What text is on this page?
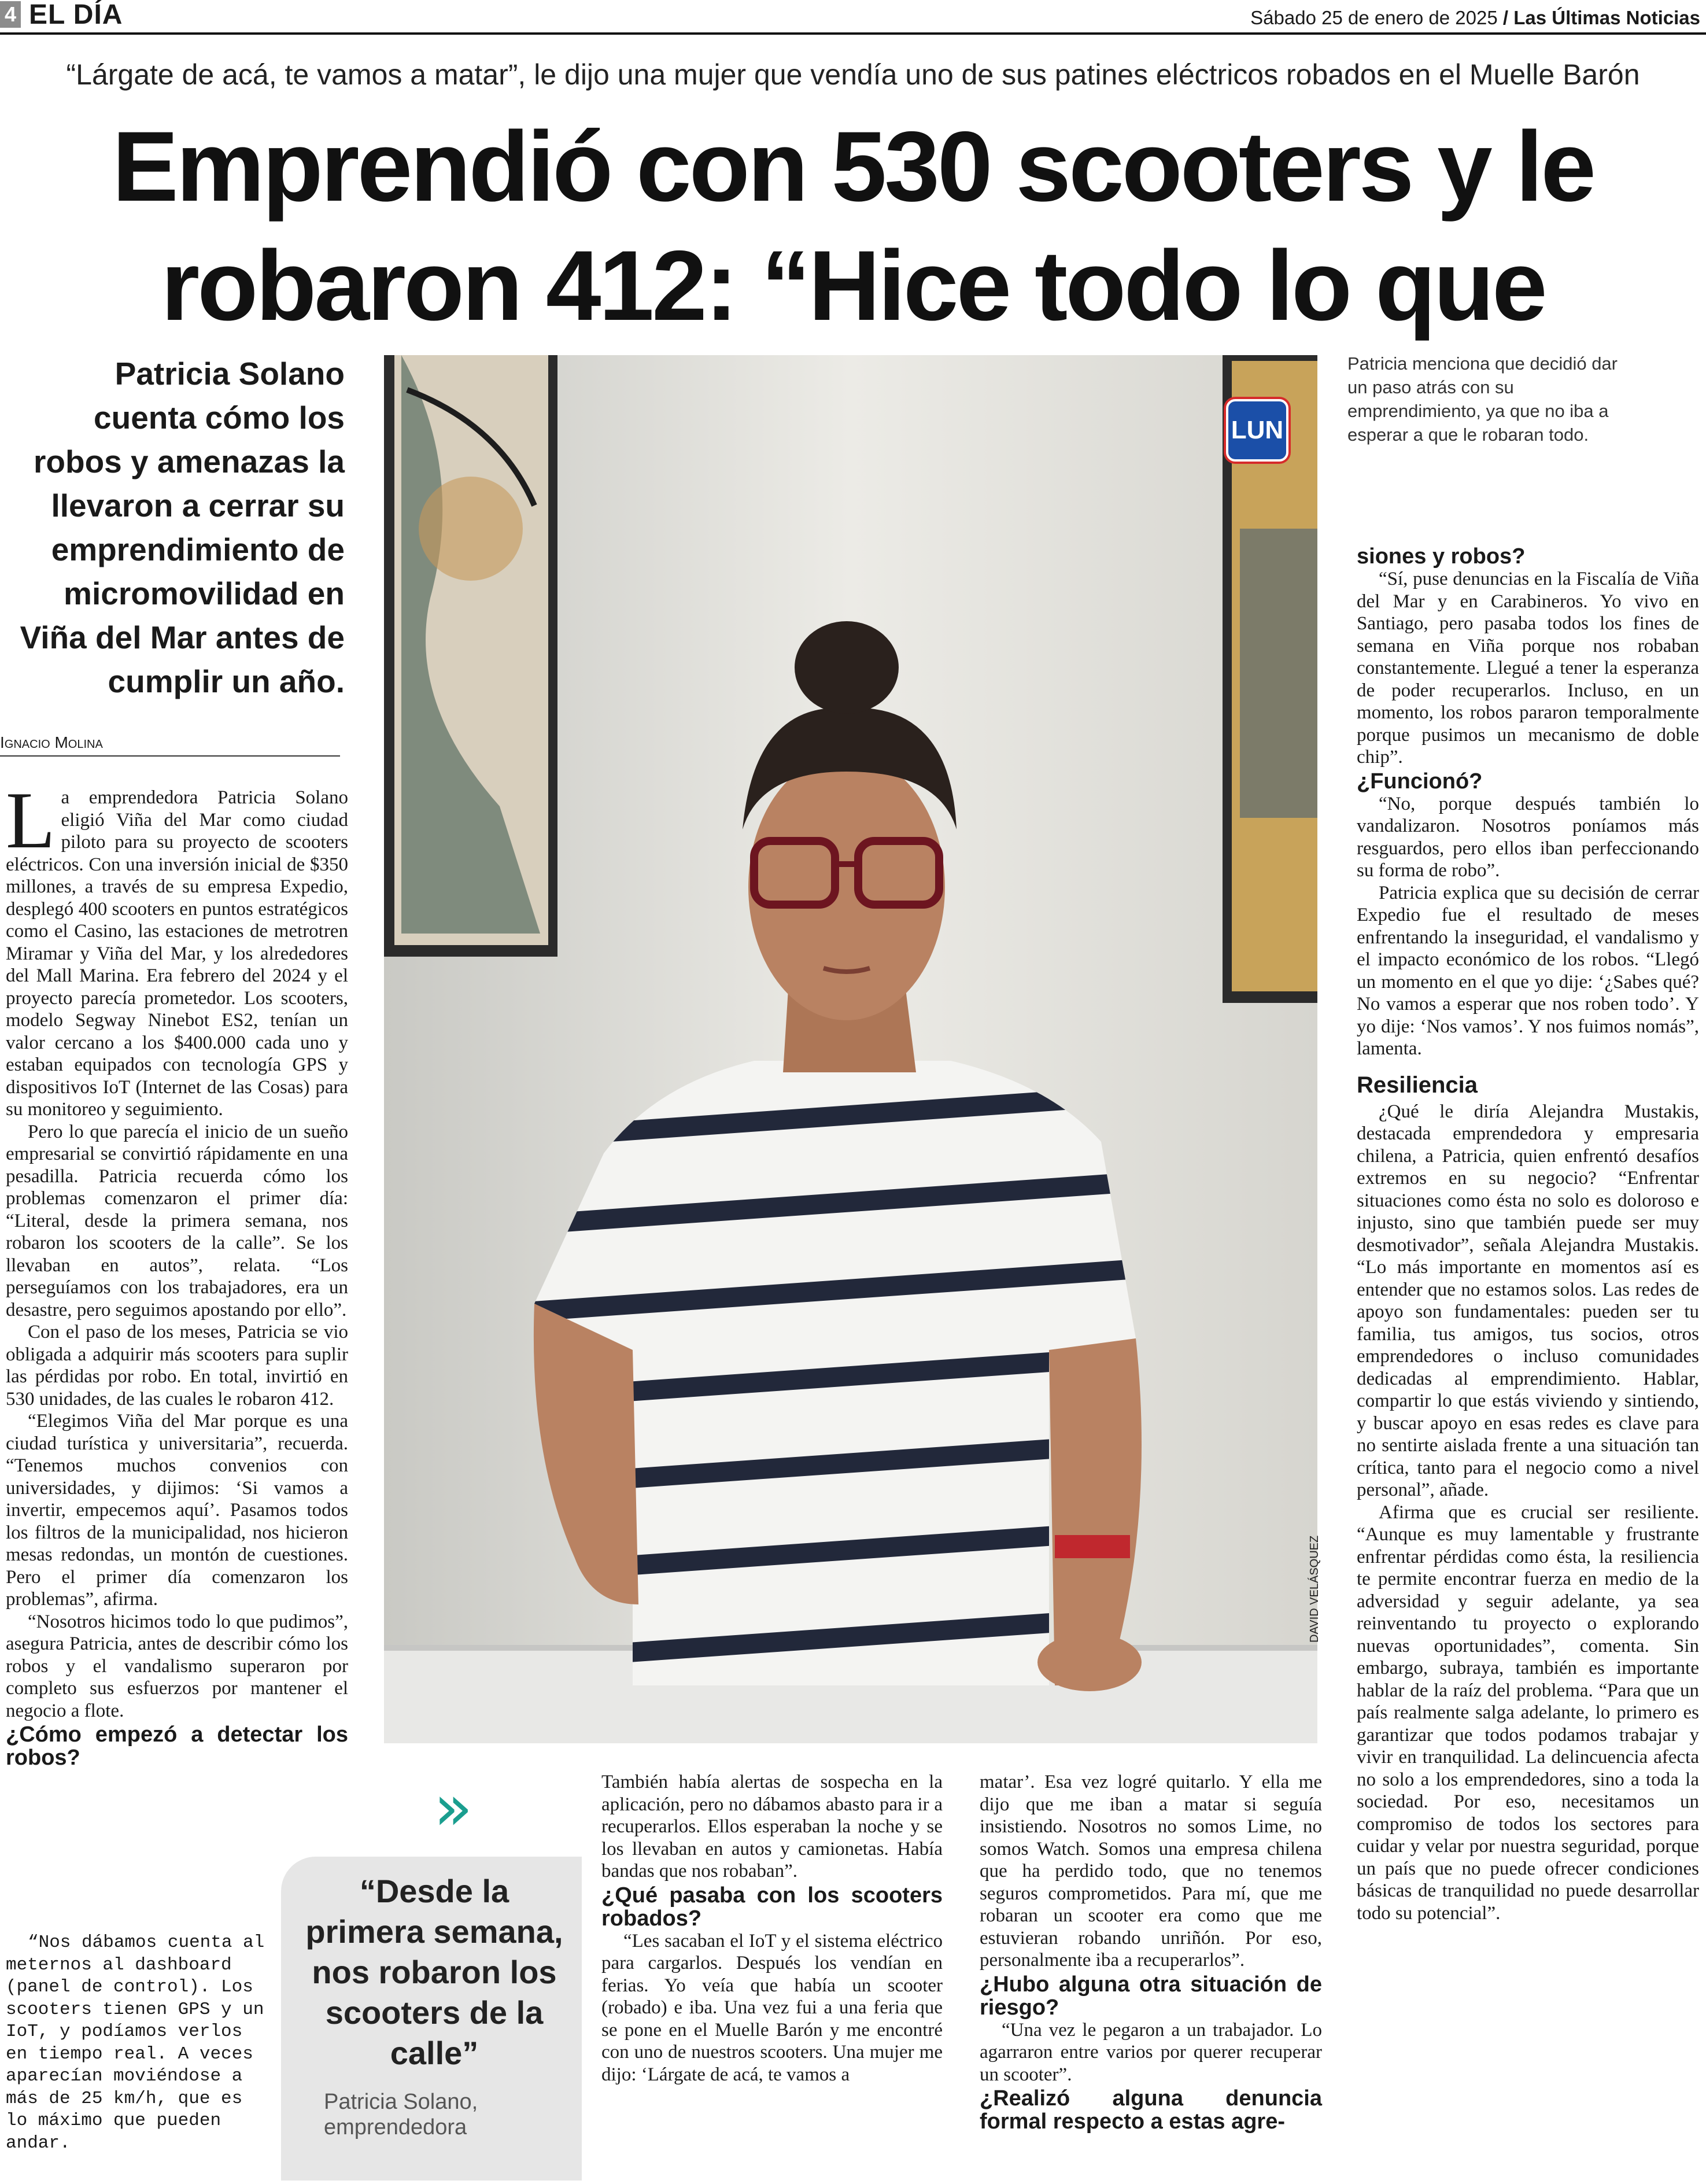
4 EL DÍA	Sábado 25 de enero de 2025 / Las Últimas Noticias
“Lárgate de acá, te vamos a matar”, le dijo una mujer que vendía uno de sus patines eléctricos robados en el Muelle Barón
Emprendió con 530 scooters y le
robaron 412: “Hice todo lo que
Patricia Solano cuenta cómo los robos y amenazas la llevaron a cerrar su emprendimiento de micromovilidad en Viña del Mar antes de cumplir un año.
Ignacio Molina
LUN
DAVID VELÁSQUEZ
Patricia menciona que decidió dar un paso atrás con su emprendimiento, ya que no iba a esperar a que le robaran todo.

La emprendedora Patricia Solano eligió Viña del Mar como ciudad piloto para su proyecto de scooters eléctricos. Con una inversión inicial de $350 millones, a través de su empresa Expedio, desplegó 400 scooters en puntos estratégicos como el Casino, las estaciones de metrotren Miramar y Viña del Mar, y los alrededores del Mall Marina. Era febrero del 2024 y el proyecto parecía prometedor. Los scooters, modelo Segway Ninebot ES2, tenían un valor cercano a los $400.000 cada uno y estaban equipados con tecnología GPS y dispositivos IoT (Internet de las Cosas) para su monitoreo y seguimiento.

Pero lo que parecía el inicio de un sueño empresarial se convirtió rápidamente en una pesadilla. Patricia recuerda cómo los problemas comenzaron el primer día: “Literal, desde la primera semana, nos robaron los scooters de la calle”. Se los llevaban en autos”, relata. “Los perseguíamos con los trabajadores, era un desastre, pero seguimos apostando por ello”.

Con el paso de los meses, Patricia se vio obligada a adquirir más scooters para suplir las pérdidas por robo. En total, invirtió en 530 unidades, de las cuales le robaron 412.

“Elegimos Viña del Mar porque es una ciudad turística y universitaria”, recuerda. “Tenemos muchos convenios con universidades, y dijimos: ‘Si vamos a invertir, empecemos aquí’. Pasamos todos los filtros de la municipalidad, nos hicieron mesas redondas, un montón de cuestiones. Pero el primer día comenzaron los problemas”, afirma.

“Nosotros hicimos todo lo que pudimos”, asegura Patricia, antes de describir cómo los robos y el vandalismo superaron por completo sus esfuerzos por mantener el negocio a flote.

¿Cómo empezó a detectar los robos?

“Nos dábamos cuenta al meternos al dashboard (panel de control). Los scooters tienen GPS y un IoT, y podíamos verlos en tiempo real. A veces aparecían moviéndose a más de 25 km/h, que es lo máximo que pueden andar.

»
“Desde la primera semana, nos robaron los scooters de la calle”
Patricia Solano, emprendedora

También había alertas de sospecha en la aplicación, pero no dábamos abasto para ir a recuperarlos. Ellos esperaban la noche y se los llevaban en autos y camionetas. Había bandas que nos robaban”.

¿Qué pasaba con los scooters robados?

“Les sacaban el IoT y el sistema eléctrico para cargarlos. Después los vendían en ferias. Yo veía que había un scooter (robado) e iba. Una vez fui a una feria que se pone en el Muelle Barón y me encontré con uno de nuestros scooters. Una mujer me dijo: ‘Lárgate de acá, te vamos a

matar’. Esa vez logré quitarlo. Y ella me dijo que me iban a matar si seguía insistiendo. Nosotros no somos Lime, no somos Watch. Somos una empresa chilena que ha perdido todo, que no tenemos seguros comprometidos. Para mí, que me robaran un scooter era como que me estuvieran robando unriñón. Por eso, personalmente iba a recuperarlos”.

¿Hubo alguna otra situación de riesgo?

“Una vez le pegaron a un trabajador. Lo agarraron entre varios por querer recuperar un scooter”.

¿Realizó alguna denuncia formal respecto a estas agre-
siones y robos?

“Sí, puse denuncias en la Fiscalía de Viña del Mar y en Carabineros. Yo vivo en Santiago, pero pasaba todos los fines de semana en Viña porque nos robaban constantemente. Llegué a tener la esperanza de poder recuperarlos. Incluso, en un momento, los robos pararon temporalmente porque pusimos un mecanismo de doble chip”.

¿Funcionó?

“No, porque después también lo vandalizaron. Nosotros poníamos más resguardos, pero ellos iban perfeccionando su forma de robo”.

Patricia explica que su decisión de cerrar Expedio fue el resultado de meses enfrentando la inseguridad, el vandalismo y el impacto económico de los robos. “Llegó un momento en el que yo dije: ‘¿Sabes qué? No vamos a esperar que nos roben todo’. Y yo dije: ‘Nos vamos’. Y nos fuimos nomás”, lamenta.

Resiliencia

¿Qué le diría Alejandra Mustakis, destacada emprendedora y empresaria chilena, a Patricia, quien enfrentó desafíos extremos en su negocio? “Enfrentar situaciones como ésta no solo es doloroso e injusto, sino que también puede ser muy desmotivador”, señala Alejandra Mustakis. “Lo más importante en momentos así es entender que no estamos solos. Las redes de apoyo son fundamentales: pueden ser tu familia, tus amigos, tus socios, otros emprendedores o incluso comunidades dedicadas al emprendimiento. Hablar, compartir lo que estás viviendo y sintiendo, y buscar apoyo en esas redes es clave para no sentirte aislada frente a una situación tan crítica, tanto para el negocio como a nivel personal”, añade.

Afirma que es crucial ser resiliente. “Aunque es muy lamentable y frustrante enfrentar pérdidas como ésta, la resiliencia te permite encontrar fuerza en medio de la adversidad y seguir adelante, ya sea reinventando tu proyecto o explorando nuevas oportunidades”, comenta. Sin embargo, subraya, también es importante hablar de la raíz del problema. “Para que un país realmente salga adelante, lo primero es garantizar que todos podamos trabajar y vivir en tranquilidad. La delincuencia afecta no solo a los emprendedores, sino a toda la sociedad. Por eso, necesitamos un compromiso de todos los sectores para cuidar y velar por nuestra seguridad, porque un país que no puede ofrecer condiciones básicas de tranquilidad no puede desarrollar todo su potencial”.
